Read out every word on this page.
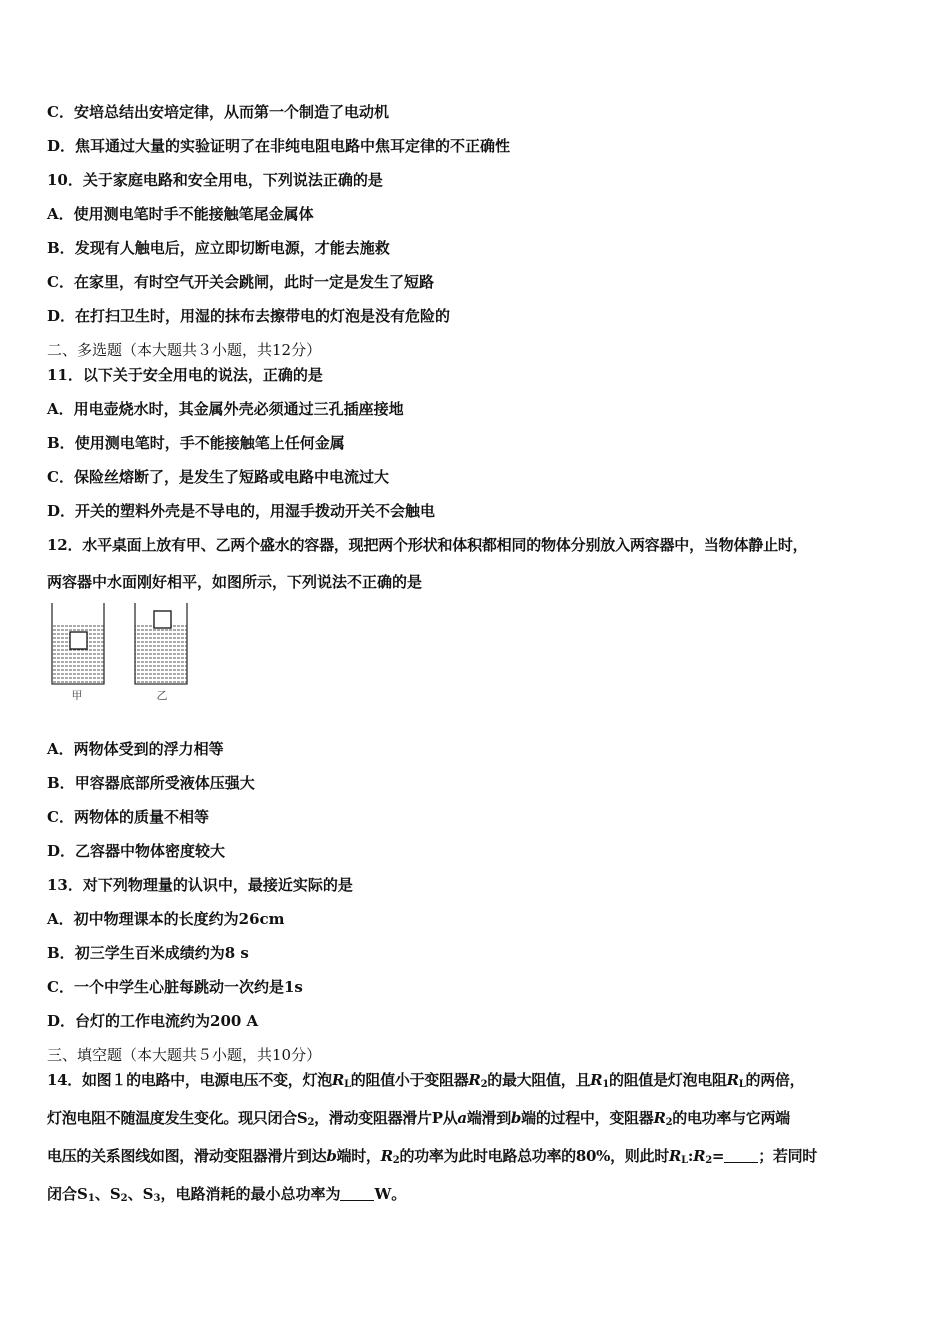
C．安培总结出安培定律，从而第一个制造了电动机
D．焦耳通过大量的实验证明了在非纯电阻电路中焦耳定律的不正确性
10．关于家庭电路和安全用电，下列说法正确的是
A．使用测电笔时手不能接触笔尾金属体
B．发现有人触电后，应立即切断电源，才能去施救
C．在家里，有时空气开关会跳闸，此时一定是发生了短路
D．在打扫卫生时，用湿的抹布去擦带电的灯泡是没有危险的
二、多选题（本大题共３小题，共12分）
11．以下关于安全用电的说法，正确的是
A．用电壶烧水时，其金属外壳必须通过三孔插座接地
B．使用测电笔时，手不能接触笔上任何金属
C．保险丝熔断了，是发生了短路或电路中电流过大
D．开关的塑料外壳是不导电的，用湿手拨动开关不会触电
12．水平桌面上放有甲、乙两个盛水的容器，现把两个形状和体积都相同的物体分别放入两容器中，当物体静止时，
两容器中水面刚好相平，如图所示，下列说法不正确的是
甲	乙
A．两物体受到的浮力相等
B．甲容器底部所受液体压强大
C．两物体的质量不相等
D．乙容器中物体密度较大
13．对下列物理量的认识中，最接近实际的是
A．初中物理课本的长度约为26cm
B．初三学生百米成绩约为8 s
C．一个中学生心脏每跳动一次约是1s
D．台灯的工作电流约为200 A
三、填空题（本大题共５小题，共10分）
14．如图１的电路中，电源电压不变，灯泡$R_L$的阻值小于变阻器$R_2$的最大阻值，且$R_1$的阻值是灯泡电阻$R_L$的两倍，
灯泡电阻不随温度发生变化。现只闭合$S_2$，滑动变阻器滑片P从a端滑到b端的过程中，变阻器$R_2$的电功率与它两端
电压的关系图线如图，滑动变阻器滑片到达b端时，$R_2$的功率为此时电路总功率的80%，则此时$R_L:R_2=$ ；若同时
闭合$S_1$、$S_2$、$S_3$，电路消耗的最小总功率为 W。
